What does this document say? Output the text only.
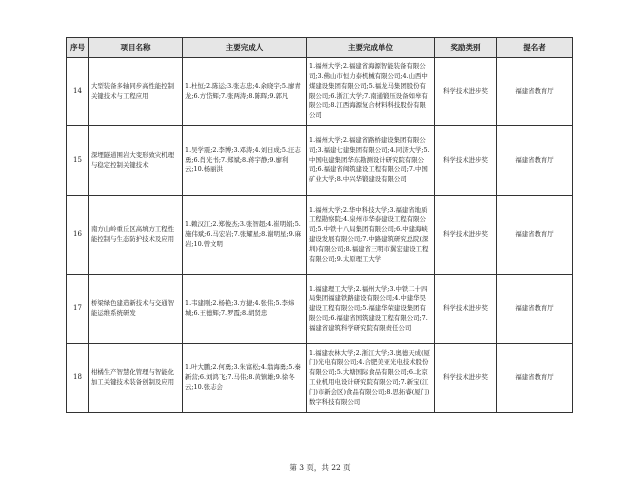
序号	项目名称	主要完成人	主要完成单位	奖励类别	提名者
14	大型装备多轴同步高性能控制关键技术与工程应用	1.杜恒;2.陈运;3.张志忠;4.余晓宇;5.廖青龙;6.方岱辉;7.张两涛;8.陈晖;9.郭凡	1.福州大学;2.福建省海源智能装备有限公司;3.佛山市恒力泰机械有限公司;4.山西中煤建设集团有限公司;5.福龙马集团股份有限公司;6.浙江大学;7.南通锻压设备如皋有限公司;8.江西海源复合材料科技股份有限公司	科学技术进步奖	福建省教育厅
15	深埋隧道围岩大变形致灾机理与稳定控制关键技术	1.吴学震;2.李博;3.邓涛;4.刘日成;5.汪志勇;6.肖光书;7.郑斌;8.蒋宇静;9.廖利云;10.杨丽洪	1.福州大学;2.福建省路桥建设集团有限公司;3.福建七建集团有限公司;4.同济大学;5.中国电建集团华东勘测设计研究院有限公司;6.福建省闽筑建设工程有限公司;7.中国矿业大学;8.中兴华锻建设有限公司	科学技术进步奖	福建省教育厅
16	南方山岭重丘区高填方工程性能控制与生态防护技术及应用	1.赖汉江;2.郑俊杰;3.张智超;4.崔明娟;5.施伟斌;6.马宏岩;7.张耀星;8.谢明星;9.麻岩;10.曾文明	1.福州大学;2.华中科技大学;3.福建省地质工程勘察院;4.泉州市华泰建设工程有限公司;5.中铁十八局集团有限公司;6.中建海峡建设发展有限公司;7.中路建筑研究总院(深圳)有限公司;8.福建省三明市翼宏建设工程有限公司;9.太原理工大学	科学技术进步奖	福建省教育厅
17	桥梁绿色建造新技术与交通智能运维系统研发	1.韦建刚;2.杨艳;3.方捷;4.张伟;5.李炜城;6.王德辉;7.罗霞;8.胡贤忠	1.福建理工大学;2.福州大学;3.中铁二十四局集团福建铁路建设有限公司;4.中建华昊建设工程有限公司;5.福建华荣建设集团有限公司;6.福建省国筑建设工程有限公司;7.福建省建筑科学研究院有限责任公司	科学技术进步奖	福建省教育厅
18	柑橘生产智慧化管理与智能化加工关键技术装备创制及应用	1.叶大鹏;2.何勇;3.朱富松;4.翁海勇;5.秦新营;6.刘鸿飞;7.马伟;8.黄镇雄;9.徐冬云;10.张志会	1.福建农林大学;2.浙江大学;3.奥德天成(厦门)光电有限公司;4.合肥美亚光电技术股份有限公司;5.大塘国际食品有限公司;6.北京工业机用电设计研究院有限公司;7.新宝(江门)市新会区)食品有限公司;8.思拓睿(厦门)数字科技有限公司	科学技术进步奖	福建省教育厅
第 3 页，共 22 页
